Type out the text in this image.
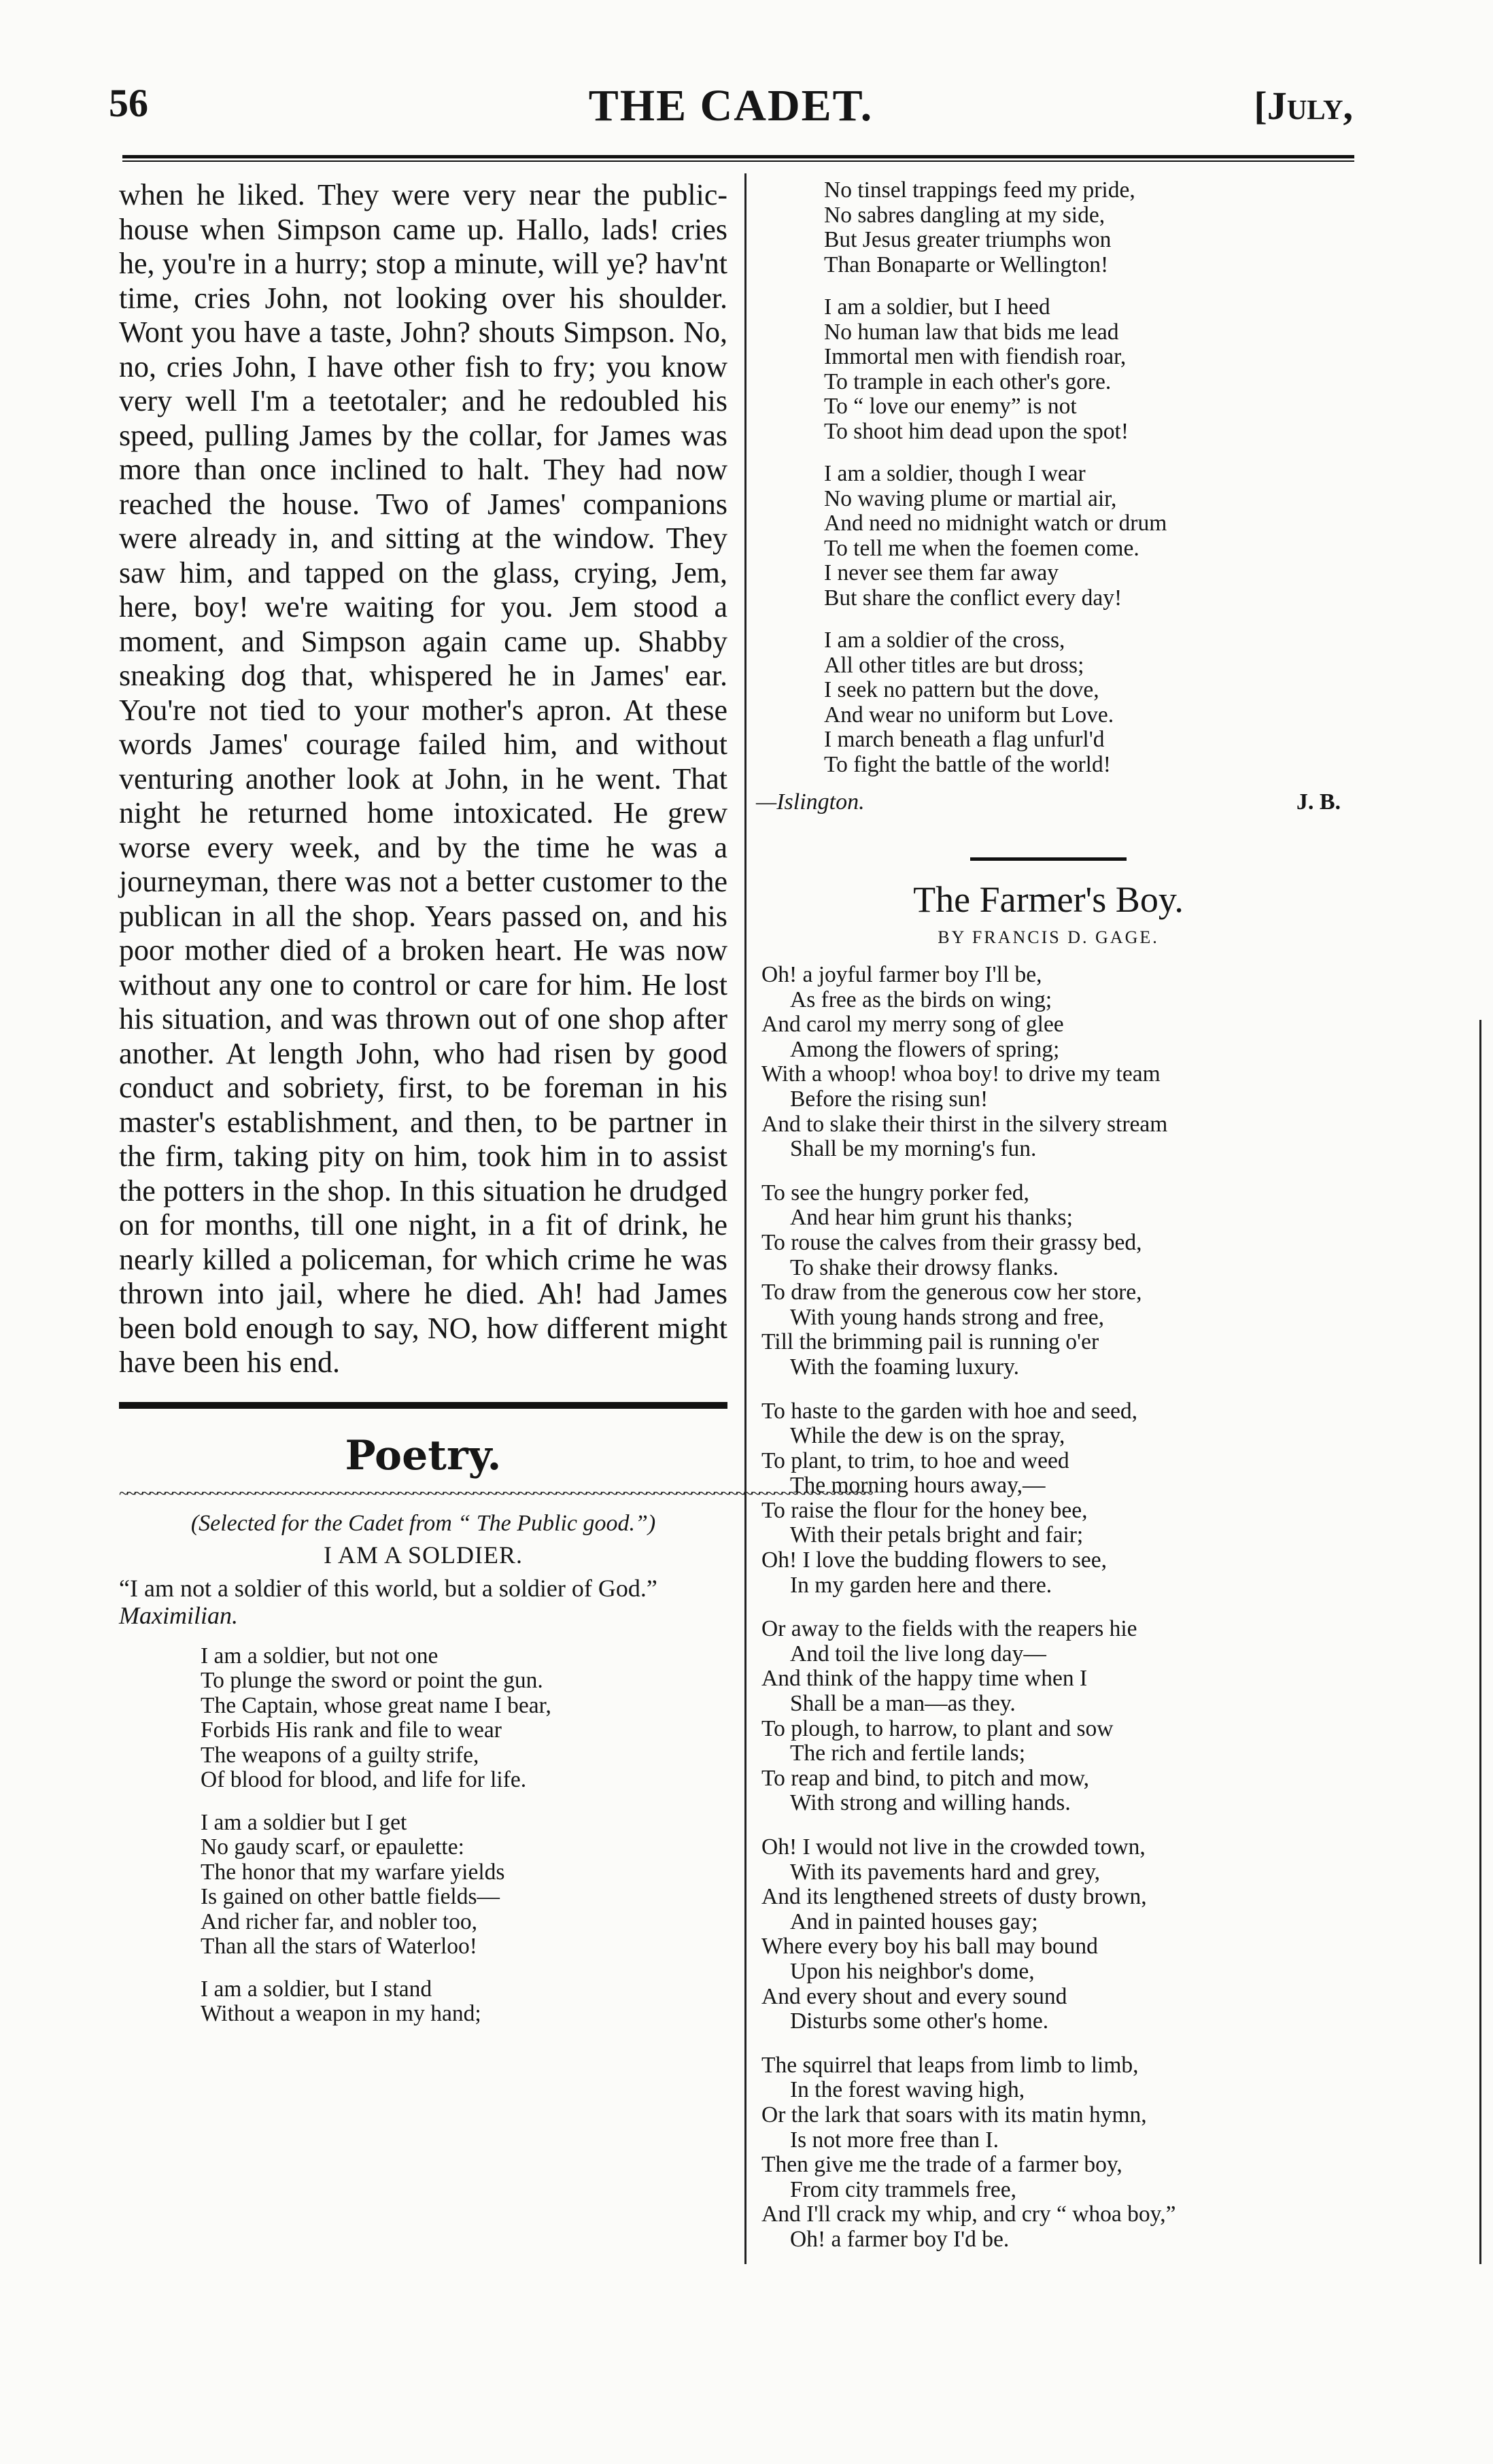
56	THE CADET.	[July,

when he liked. They were very near the public-house when Simpson came up. Hallo, lads! cries he, you're in a hurry; stop a minute, will ye? hav'nt time, cries John, not looking over his shoulder. Wont you have a taste, John? shouts Simpson. No, no, cries John, I have other fish to fry; you know very well I'm a teetotaler; and he redoubled his speed, pulling James by the collar, for James was more than once inclined to halt. They had now reached the house. Two of James' companions were already in, and sitting at the window. They saw him, and tapped on the glass, crying, Jem, here, boy! we're waiting for you. Jem stood a moment, and Simpson again came up. Shabby sneaking dog that, whispered he in James' ear. You're not tied to your mother's apron. At these words James' courage failed him, and without venturing another look at John, in he went. That night he returned home intoxicated. He grew worse every week, and by the time he was a journeyman, there was not a better customer to the publican in all the shop. Years passed on, and his poor mother died of a broken heart. He was now without any one to control or care for him. He lost his situation, and was thrown out of one shop after another. At length John, who had risen by good conduct and sobriety, first, to be foreman in his master's establishment, and then, to be partner in the firm, taking pity on him, took him in to assist the potters in the shop. In this situation he drudged on for months, till one night, in a fit of drink, he nearly killed a policeman, for which crime he was thrown into jail, where he died. Ah! had James been bold enough to say, NO, how different might have been his end.

Poetry.
~~~~~~~~~~~~~~~~~~~~~~~~~~~~~~~~~~~~~~~~~~~~~~~~~~~~~~~~~~~~~~~~~~~~~~~~~~~~~~~~~~~~~~~~~~~~~~~~~~~~
(Selected for the Cadet from “ The Public good.”)
I AM A SOLDIER.
“I am not a soldier of this world, but a soldier of God.” Maximilian.
I am a soldier, but not one
To plunge the sword or point the gun.
The Captain, whose great name I bear,
Forbids His rank and file to wear
The weapons of a guilty strife,
Of blood for blood, and life for life.
I am a soldier but I get
No gaudy scarf, or epaulette:
The honor that my warfare yields
Is gained on other battle fields—
And richer far, and nobler too,
Than all the stars of Waterloo!
I am a soldier, but I stand
Without a weapon in my hand;
No tinsel trappings feed my pride,
No sabres dangling at my side,
But Jesus greater triumphs won
Than Bonaparte or Wellington!
I am a soldier, but I heed
No human law that bids me lead
Immortal men with fiendish roar,
To trample in each other's gore.
To “ love our enemy” is not
To shoot him dead upon the spot!
I am a soldier, though I wear
No waving plume or martial air,
And need no midnight watch or drum
To tell me when the foemen come.
I never see them far away
But share the conflict every day!
I am a soldier of the cross,
All other titles are but dross;
I seek no pattern but the dove,
And wear no uniform but Love.
I march beneath a flag unfurl'd
To fight the battle of the world!
—Islington.	J. B.
The Farmer's Boy.
BY FRANCIS D. GAGE.
Oh! a joyful farmer boy I'll be,
As free as the birds on wing;
And carol my merry song of glee
Among the flowers of spring;
With a whoop! whoa boy! to drive my team
Before the rising sun!
And to slake their thirst in the silvery stream
Shall be my morning's fun.
To see the hungry porker fed,
And hear him grunt his thanks;
To rouse the calves from their grassy bed,
To shake their drowsy flanks.
To draw from the generous cow her store,
With young hands strong and free,
Till the brimming pail is running o'er
With the foaming luxury.
To haste to the garden with hoe and seed,
While the dew is on the spray,
To plant, to trim, to hoe and weed
The morning hours away,—
To raise the flour for the honey bee,
With their petals bright and fair;
Oh! I love the budding flowers to see,
In my garden here and there.
Or away to the fields with the reapers hie
And toil the live long day—
And think of the happy time when I
Shall be a man—as they.
To plough, to harrow, to plant and sow
The rich and fertile lands;
To reap and bind, to pitch and mow,
With strong and willing hands.
Oh! I would not live in the crowded town,
With its pavements hard and grey,
And its lengthened streets of dusty brown,
And in painted houses gay;
Where every boy his ball may bound
Upon his neighbor's dome,
And every shout and every sound
Disturbs some other's home.
The squirrel that leaps from limb to limb,
In the forest waving high,
Or the lark that soars with its matin hymn,
Is not more free than I.
Then give me the trade of a farmer boy,
From city trammels free,
And I'll crack my whip, and cry “ whoa boy,”
Oh! a farmer boy I'd be.
